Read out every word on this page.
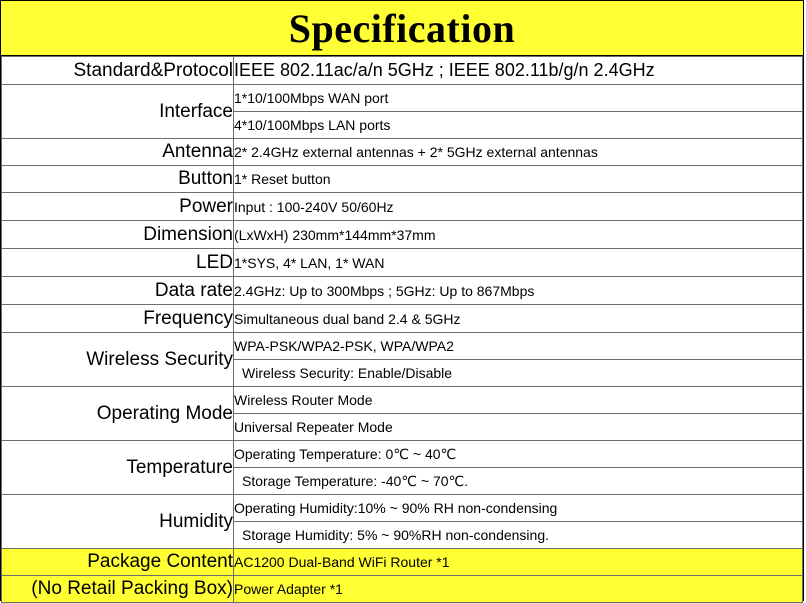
Specification
Standard&Protocol	IEEE 802.11ac/a/n 5GHz ; IEEE 802.11b/g/n 2.4GHz
Interface	1*10/100Mbps WAN port
	4*10/100Mbps LAN ports
Antenna	2* 2.4GHz external antennas + 2* 5GHz external antennas
Button	1* Reset button
Power	Input : 100-240V 50/60Hz
Dimension	(LxWxH) 230mm*144mm*37mm
LED	1*SYS, 4* LAN, 1* WAN
Data rate	2.4GHz: Up to 300Mbps ; 5GHz: Up to 867Mbps
Frequency	Simultaneous dual band 2.4 & 5GHz
Wireless Security	WPA-PSK/WPA2-PSK, WPA/WPA2
	Wireless Security: Enable/Disable
Operating Mode	Wireless Router Mode
	Universal Repeater Mode
Temperature	Operating Temperature: 0℃ ~ 40℃
	Storage Temperature: -40℃ ~ 70℃.
Humidity	Operating Humidity:10% ~ 90% RH non-condensing
	Storage Humidity: 5% ~ 90%RH non-condensing.
Package Content	AC1200 Dual-Band WiFi Router *1
(No Retail Packing Box)	Power Adapter *1
